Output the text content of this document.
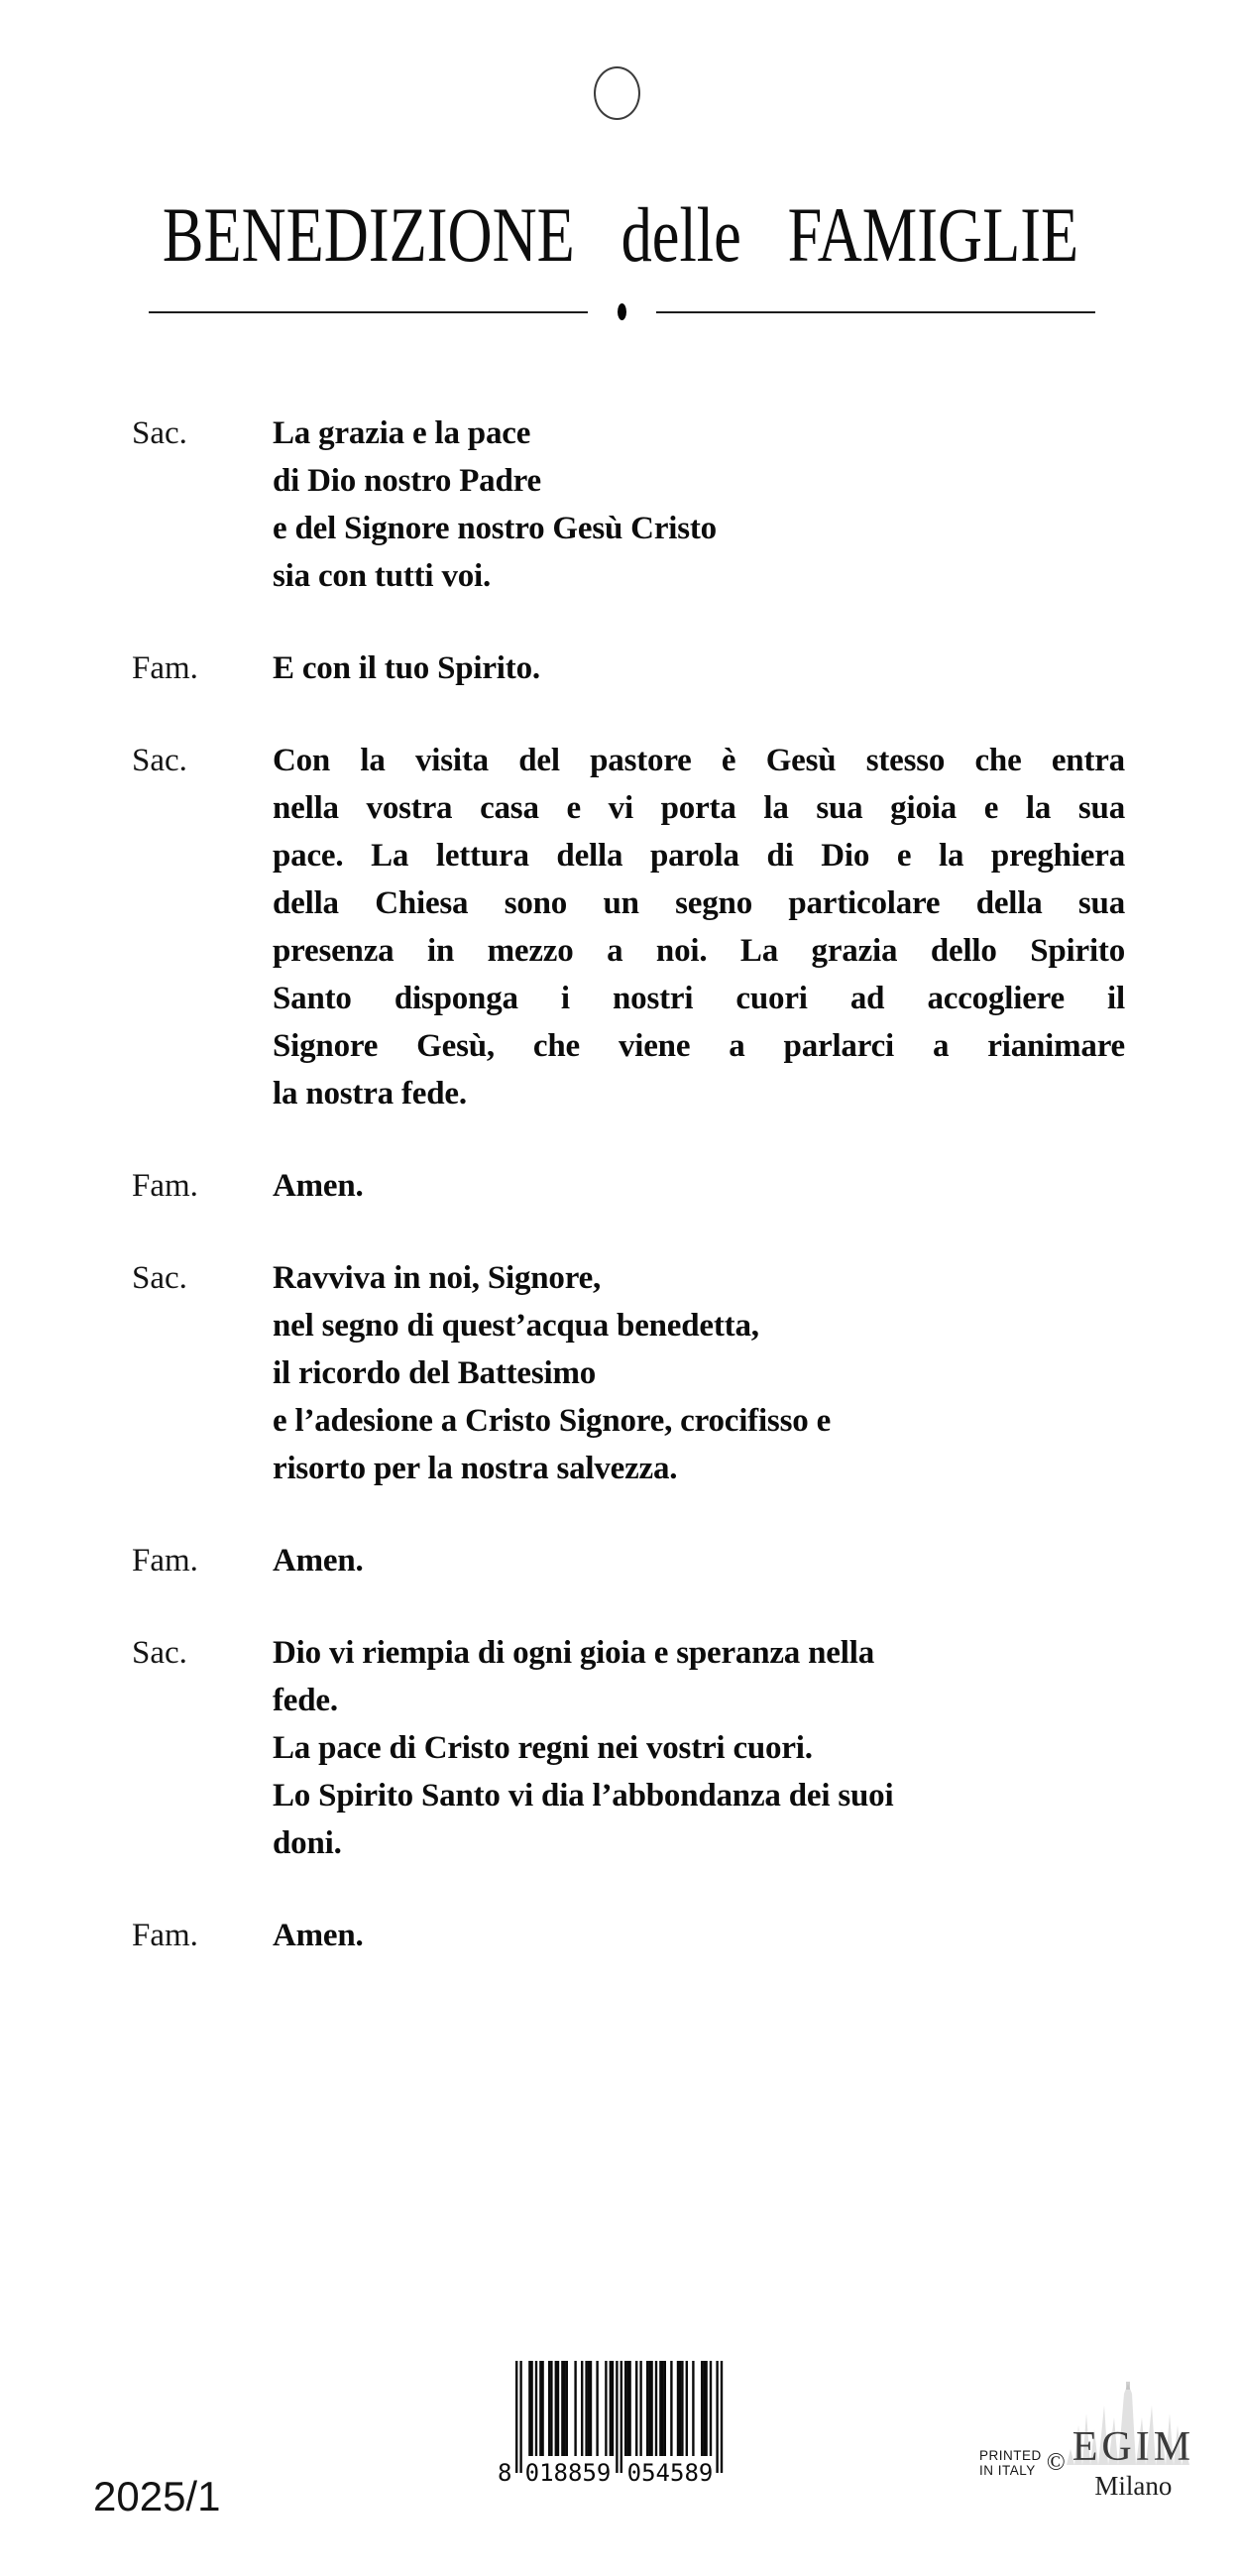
BENEDIZIONE delle FAMIGLIE
Sac.	La grazia e la pace
di Dio nostro Padre
e del Signore nostro Gesù Cristo
sia con tutti voi.
Fam.	E con il tuo Spirito.
Sac.	Con la visita del pastore è Gesù stesso che entra
nella vostra casa e vi porta la sua gioia e la sua
pace. La lettura della parola di Dio e la preghiera
della Chiesa sono un segno particolare della sua
presenza in mezzo a noi. La grazia dello Spirito
Santo disponga i nostri cuori ad accogliere il
Signore Gesù, che viene a parlarci a rianimare
la nostra fede.
Fam.	Amen.
Sac.	Ravviva in noi, Signore,
nel segno di quest’acqua benedetta,
il ricordo del Battesimo
e l’adesione a Cristo Signore, crocifisso e
risorto per la nostra salvezza.
Fam.	Amen.
Sac.	Dio vi riempia di ogni gioia e speranza nella
fede.
La pace di Cristo regni nei vostri cuori.
Lo Spirito Santo vi dia l’abbondanza dei suoi
doni.
Fam.	Amen.
2025/1	8 018859 054589
PRINTED
IN ITALY © EGIM
Milano
